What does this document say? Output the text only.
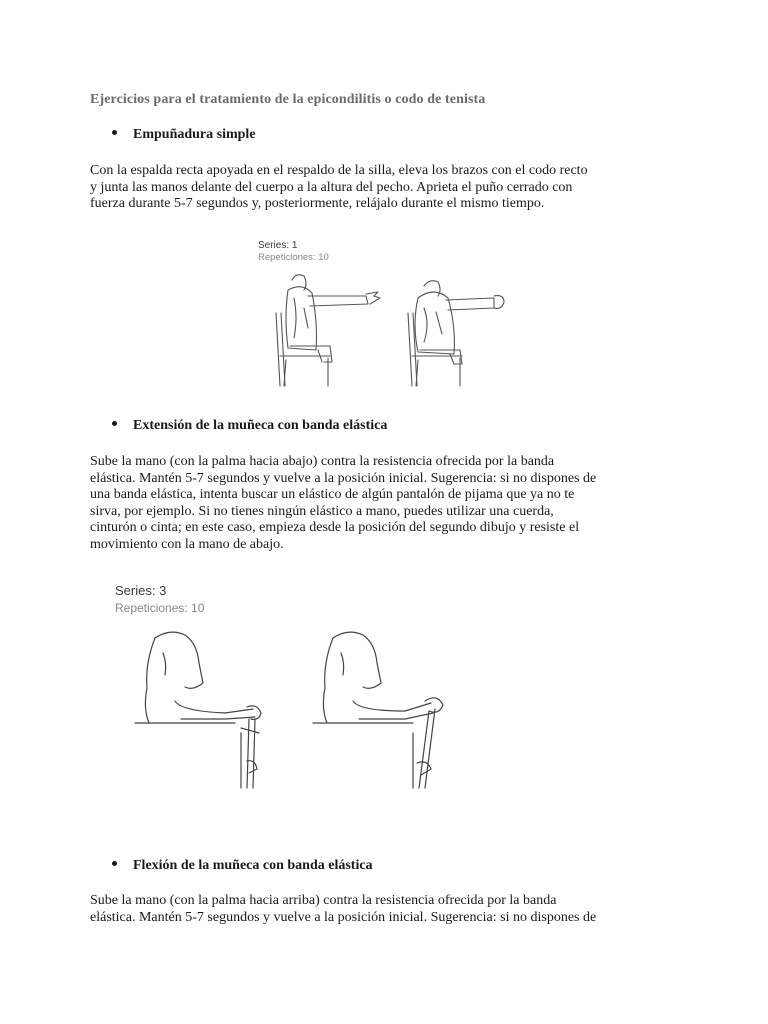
Ejercicios para el tratamiento de la epicondilitis o codo de tenista
Empuñadura simple
Con la espalda recta apoyada en el respaldo de la silla, eleva los brazos con el codo recto
y junta las manos delante del cuerpo a la altura del pecho. Aprieta el puño cerrado con
fuerza durante 5-7 segundos y, posteriormente, relájalo durante el mismo tiempo.
Series: 1
Repeticiones: 10
Extensión de la muñeca con banda elástica
Sube la mano (con la palma hacia abajo) contra la resistencia ofrecida por la banda
elástica. Mantén 5-7 segundos y vuelve a la posición inicial. Sugerencia: si no dispones de
una banda elástica, intenta buscar un elástico de algún pantalón de pijama que ya no te
sirva, por ejemplo. Si no tienes ningún elástico a mano, puedes utilizar una cuerda,
cinturón o cinta; en este caso, empieza desde la posición del segundo dibujo y resiste el
movimiento con la mano de abajo.
Series: 3
Repeticiones: 10
Flexión de la muñeca con banda elástica
Sube la mano (con la palma hacia arriba) contra la resistencia ofrecida por la banda
elástica. Mantén 5-7 segundos y vuelve a la posición inicial. Sugerencia: si no dispones de
